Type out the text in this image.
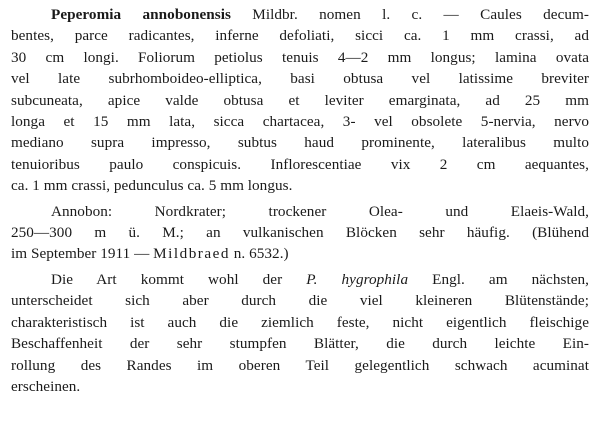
Peperomia annobonensis Mildbr. nomen l. c. — Caules decum-
bentes, parce radicantes, inferne defoliati, sicci ca. 1 mm crassi, ad
30 cm longi. Foliorum petiolus tenuis 4—2 mm longus; lamina ovata
vel late subrhomboideo-elliptica, basi obtusa vel latissime breviter
subcuneata, apice valde obtusa et leviter emarginata, ad 25 mm
longa et 15 mm lata, sicca chartacea, 3- vel obsolete 5-nervia, nervo
mediano supra impresso, subtus haud prominente, lateralibus multo
tenuioribus paulo conspicuis. Inflorescentiae vix 2 cm aequantes,
ca. 1 mm crassi, pedunculus ca. 5 mm longus.

Annobon: Nordkrater; trockener Olea- und Elaeis-Wald,
250—300 m ü. M.; an vulkanischen Blöcken sehr häufig. (Blühend
im September 1911 — Mildbraed n. 6532.)

Die Art kommt wohl der P. hygrophila Engl. am nächsten,
unterscheidet sich aber durch die viel kleineren Blütenstände;
charakteristisch ist auch die ziemlich feste, nicht eigentlich fleischige
Beschaffenheit der sehr stumpfen Blätter, die durch leichte Ein-
rollung des Randes im oberen Teil gelegentlich schwach acuminat
erscheinen.
